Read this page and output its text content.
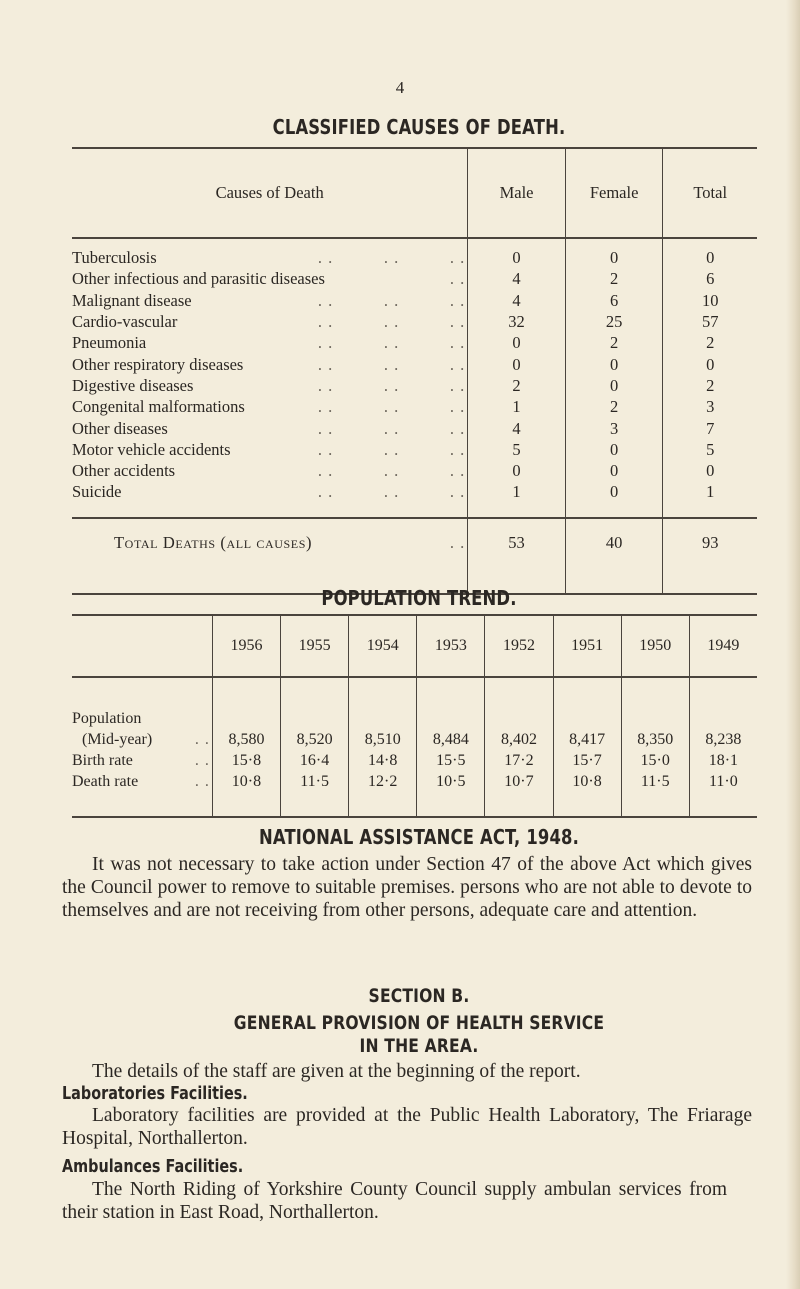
4
CLASSIFIED CAUSES OF DEATH.
Causes of Death	Male	Female	Total

Tuberculosis . . . . . .	0	0	0

Other infectious and parasitic diseases . .	4	2	6

Malignant disease . . . . . .	4	6	10

Cardio-vascular . . . . . .	32	25	57

Pneumonia . . . . . .	0	2	2

Other respiratory diseases . . . . . .	0	0	0

Digestive diseases . . . . . .	2	0	2

Congenital malformations . . . . . .	1	2	3

Other diseases . . . . . .	4	3	7

Motor vehicle accidents . . . . . .	5	0	5

Other accidents . . . . . .	0	0	0

Suicide . . . . . .	1	0	1

Total Deaths (all causes) . .	53	40	93
POPULATION TREND.
	1956	1955	1954	1953	1952	1951	1950	1949

Population
(Mid-year) . .	8,580	8,520	8,510	8,484	8,402	8,417	8,350	8,238

Birth rate . .	15·8	16·4	14·8	15·5	17·2	15·7	15·0	18·1

Death rate . .	10·8	11·5	12·2	10·5	10·7	10·8	11·5	11·0
NATIONAL ASSISTANCE ACT, 1948.
It was not necessary to take action under Section 47 of the above Act which gives the Council power to remove to suitable premises. persons who are not able to devote to themselves and are not receiving from other persons, adequate care and attention.
SECTION B.
GENERAL PROVISION OF HEALTH SERVICE
IN THE AREA.
The details of the staff are given at the beginning of the report.
Laboratories Facilities.
Laboratory facilities are provided at the Public Health Laboratory, The Friarage Hospital, Northallerton.
Ambulances Facilities.
The North Riding of Yorkshire County Council supply ambulan services from their station in East Road, Northallerton.
